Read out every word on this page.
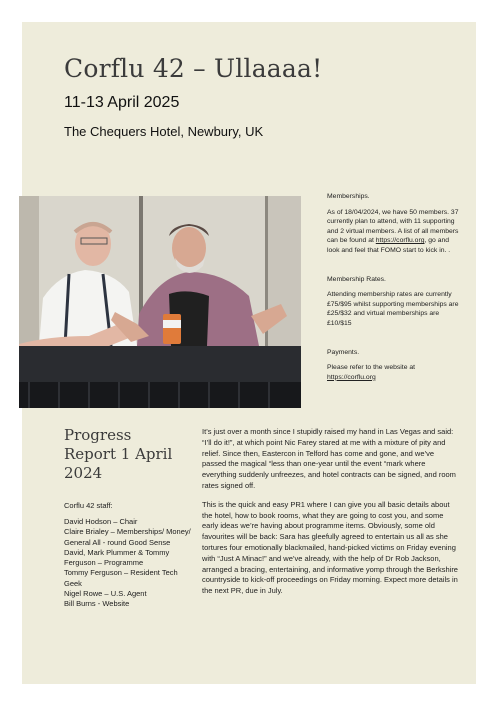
Corflu 42 – Ullaaaa!
11-13 April 2025
The Chequers Hotel, Newbury, UK
Memberships.
As of 18/04/2024, we have 50 members. 37 currently plan to attend, with 11 supporting and 2 virtual members. A list of all members can be found at https://corflu.org, go and look and feel that FOMO start to kick in. .
Membership Rates.
Attending membership rates are currently £75/$95 whilst supporting memberships are £25/$32 and virtual memberships are £10/$15
Payments.
Please refer to the website at https://corflu.org
Progress Report 1 April 2024
Corflu 42 staff:
David Hodson – Chair
Claire Brialey – Memberships/ Money/ General All - round Good Sense
David, Mark Plummer & Tommy Ferguson – Programme
Tommy Ferguson – Resident Tech Geek
Nigel Rowe – U.S. Agent
Bill Burns - Website

It’s just over a month since I stupidly raised my hand in Las Vegas and said: “I’ll do it!”, at which point Nic Farey stared at me with a mixture of pity and relief. Since then, Eastercon in Telford has come and gone, and we’ve passed the magical “less than one-year until the event “mark where everything suddenly unfreezes, and hotel contracts can be signed, and room rates signed off.

This is the quick and easy PR1 where I can give you all basic details about the hotel, how to book rooms, what they are going to cost you, and some early ideas we’re having about programme items. Obviously, some old favourites will be back: Sara has gleefully agreed to entertain us all as she tortures four emotionally blackmailed, hand-picked victims on Friday evening with “Just A Minac!” and we’ve already, with the help of Dr Rob Jackson, arranged a bracing, entertaining, and informative yomp through the Berkshire countryside to kick-off proceedings on Friday morning. Expect more details in the next PR, due in July.
